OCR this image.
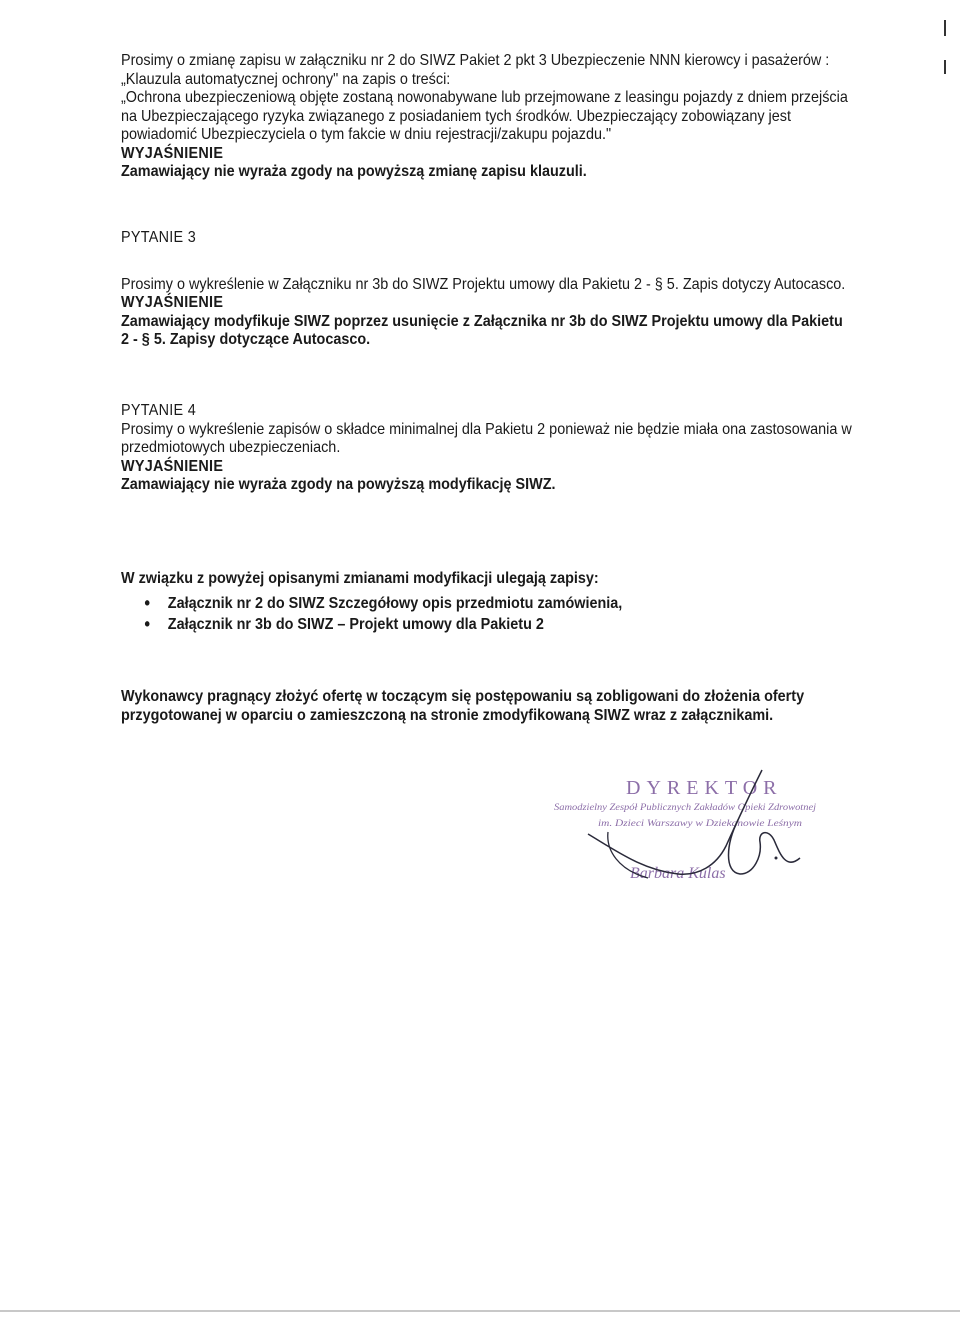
Prosimy o zmianę zapisu w załączniku nr 2 do SIWZ Pakiet 2 pkt 3 Ubezpieczenie NNN kierowcy i pasażerów :

„Klauzula automatycznej ochrony" na zapis o treści:

„Ochrona ubezpieczeniową objęte zostaną nowonabywane lub przejmowane z leasingu pojazdy z dniem przejścia na Ubezpieczającego ryzyka związanego z posiadaniem tych środków. Ubezpieczający zobowiązany jest powiadomić Ubezpieczyciela o tym fakcie w dniu rejestracji/zakupu pojazdu."

WYJAŚNIENIE

Zamawiający nie wyraża zgody na powyższą zmianę zapisu klauzuli.

PYTANIE 3

Prosimy o wykreślenie w Załączniku nr 3b do SIWZ Projektu umowy dla Pakietu 2 - § 5. Zapis dotyczy Autocasco.

WYJAŚNIENIE

Zamawiający modyfikuje SIWZ poprzez usunięcie z Załącznika nr 3b do SIWZ Projektu umowy dla Pakietu 2 - § 5. Zapisy dotyczące Autocasco.

PYTANIE 4

Prosimy o wykreślenie zapisów o składce minimalnej dla Pakietu 2 ponieważ nie będzie miała ona zastosowania w przedmiotowych ubezpieczeniach.

WYJAŚNIENIE

Zamawiający nie wyraża zgody na powyższą modyfikację SIWZ.

W związku z powyżej opisanymi zmianami modyfikacji ulegają zapisy:

• Załącznik nr 2 do SIWZ Szczegółowy opis przedmiotu zamówienia,
• Załącznik nr 3b do SIWZ – Projekt umowy dla Pakietu 2

Wykonawcy pragnący złożyć ofertę w toczącym się postępowaniu są zobligowani do złożenia oferty przygotowanej w oparciu o zamieszczoną na stronie zmodyfikowaną SIWZ wraz z załącznikami.

DYREKTOR
Samodzielny Zespół Publicznych Zakładów Opieki Zdrowotnej
im. Dzieci Warszawy w Dziekanowie Leśnym
Barbara Kulas
